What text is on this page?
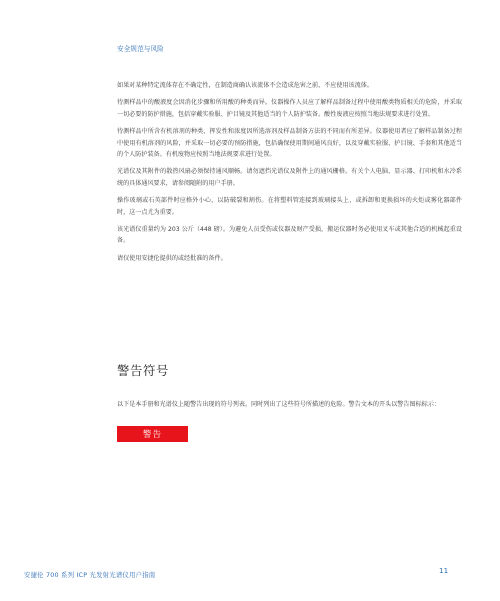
安全规范与风险

如果对某种特定流体存在不确定性，在制造商确认该流体不会造成危害之前，不应使用该流体。

待测样品中的酸液度会因消化步骤和所用酸的种类而异。仪器操作人员应了解样品制备过程中使用酸类物质相关的危险，并采取一切必要的防护措施，包括穿戴实验服、护目镜及其他适当的个人防护装备。酸性废液应按照当地法规要求进行处置。

待测样品中所含有机溶剂的种类、挥发性和浓度因所选溶剂及样品制备方法的不同而有所差异。仪器使用者应了解样品制备过程中使用有机溶剂的风险，并采取一切必要的预防措施，包括确保使用期间通风良好，以及穿戴实验服、护目镜、手套和其他适当的个人防护装备。有机废物应按照当地法规要求进行处置。

光谱仪及其附件的散热风扇必须保持通风顺畅。请勿遮挡光谱仪及附件上的通风栅格。有关个人电脑、显示器、打印机和水冷系统的具体通风要求，请参阅随附的用户手册。

操作玻璃或石英部件时应格外小心，以防破裂和割伤。在将塑料管连接到玻璃接头上，或拆卸和更换损坏的火炬或雾化器部件时，这一点尤为重要。

该光谱仪重量约为 203 公斤（448 磅）。为避免人员受伤或仪器及财产受损，搬运仪器时务必使用叉车或其他合适的机械起重设备。

请仅使用安捷伦提供的或经批准的备件。

警告符号
以下是本手册和光谱仪上随警告出现的符号列表。同时列出了这些符号所描述的危险。警告文本的开头以警告图标标示：
警告
安捷伦 700 系列 ICP 光发射光谱仪用户指南	11
